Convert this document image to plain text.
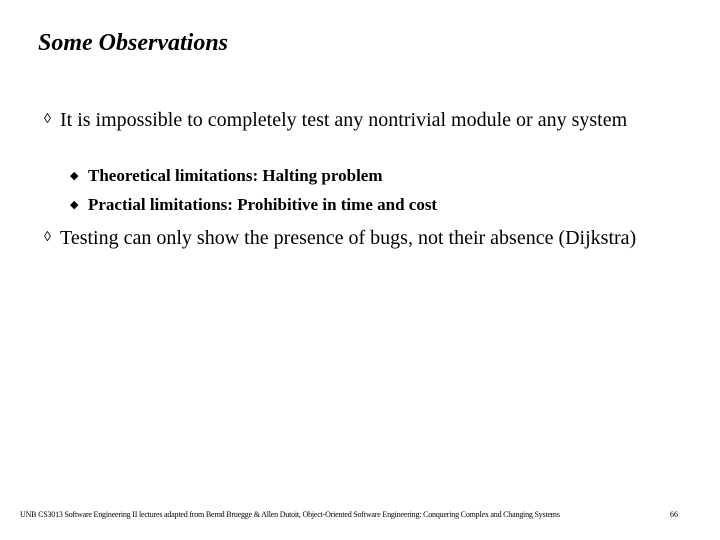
Some Observations
◊ It is impossible to completely test any nontrivial module or any system
◆ Theoretical limitations: Halting problem
◆ Practial limitations: Prohibitive in time and cost
◊ Testing can only show the presence of bugs, not their absence (Dijkstra)
UNB CS3013 Software Engineering II lectures adapted from Bernd Bruegge & Allen Dutoit, Object-Oriented Software Engineering: Conquering Complex and Changing Systems	66
